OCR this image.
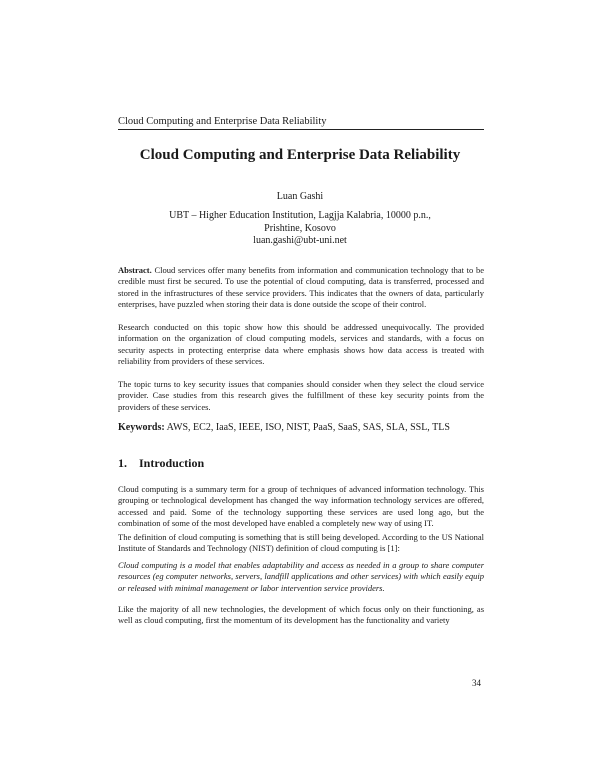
Cloud Computing and Enterprise Data Reliability
Cloud Computing and Enterprise Data Reliability
Luan Gashi
UBT – Higher Education Institution, Lagjja Kalabria, 10000 p.n.,
Prishtine, Kosovo
luan.gashi@ubt-uni.net
Abstract. Cloud services offer many benefits from information and communication technology that to be credible must first be secured. To use the potential of cloud computing, data is transferred, processed and stored in the infrastructures of these service providers. This indicates that the owners of data, particularly enterprises, have puzzled when storing their data is done outside the scope of their control.
Research conducted on this topic show how this should be addressed unequivocally. The provided information on the organization of cloud computing models, services and standards, with a focus on security aspects in protecting enterprise data where emphasis shows how data access is treated with reliability from providers of these services.
The topic turns to key security issues that companies should consider when they select the cloud service provider. Case studies from this research gives the fulfillment of these key security points from the providers of these services.
Keywords: AWS, EC2, IaaS, IEEE, ISO, NIST, PaaS, SaaS, SAS, SLA, SSL, TLS
1. Introduction
Cloud computing is a summary term for a group of techniques of advanced information technology. This grouping or technological development has changed the way information technology services are offered, accessed and paid. Some of the technology supporting these services are used long ago, but the combination of some of the most developed have enabled a completely new way of using IT.
The definition of cloud computing is something that is still being developed. According to the US National Institute of Standards and Technology (NIST) definition of cloud computing is [1]:
Cloud computing is a model that enables adaptability and access as needed in a group to share computer resources (eg computer networks, servers, landfill applications and other services) with which easily equip or released with minimal management or labor intervention service providers.
Like the majority of all new technologies, the development of which focus only on their functioning, as well as cloud computing, first the momentum of its development has the functionality and variety
34
